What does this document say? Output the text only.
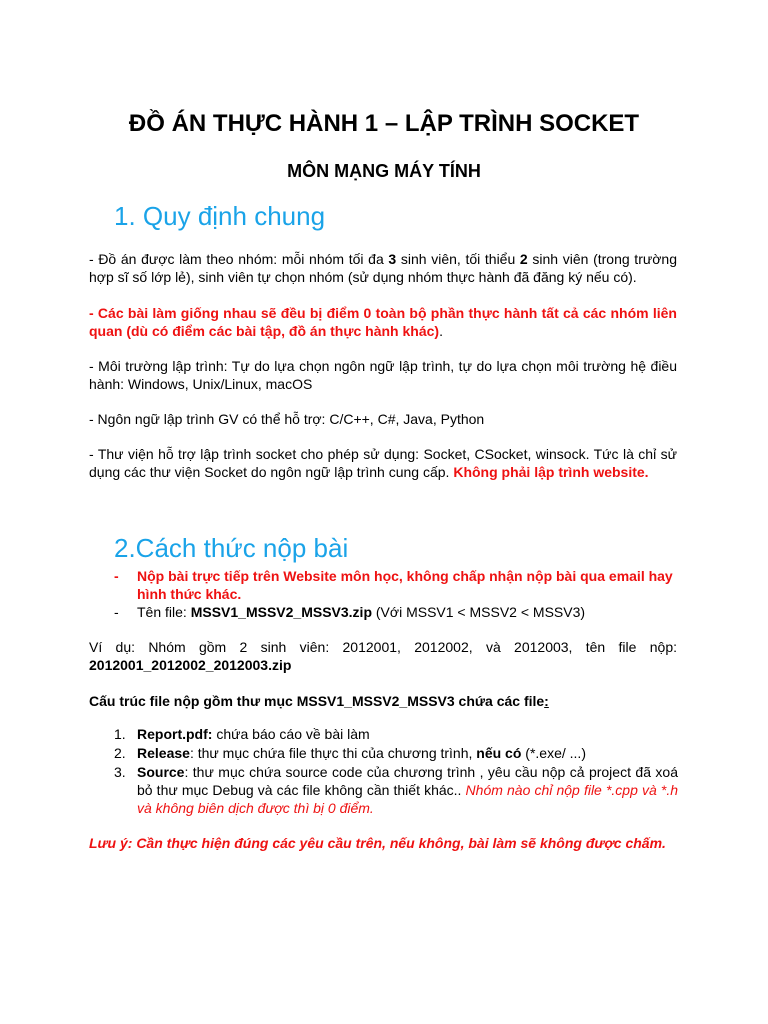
ĐỒ ÁN THỰC HÀNH 1 – LẬP TRÌNH SOCKET
MÔN MẠNG MÁY TÍNH
1. Quy định chung

- Đồ án được làm theo nhóm: mỗi nhóm tối đa 3 sinh viên, tối thiểu 2 sinh viên (trong trường hợp sĩ số lớp lẻ), sinh viên tự chọn nhóm (sử dụng nhóm thực hành đã đăng ký nếu có).

- Các bài làm giống nhau sẽ đều bị điểm 0 toàn bộ phần thực hành tất cả các nhóm liên quan (dù có điểm các bài tập, đồ án thực hành khác).

- Môi trường lập trình: Tự do lựa chọn ngôn ngữ lập trình, tự do lựa chọn môi trường hệ điều hành: Windows, Unix/Linux, macOS

- Ngôn ngữ lập trình GV có thể hỗ trợ: C/C++, C#, Java, Python

- Thư viện hỗ trợ lập trình socket cho phép sử dụng: Socket, CSocket, winsock. Tức là chỉ sử dụng các thư viện Socket do ngôn ngữ lập trình cung cấp. Không phải lập trình website.

2.Cách thức nộp bài
- Nộp bài trực tiếp trên Website môn học, không chấp nhận nộp bài qua email hay hình thức khác.
- Tên file: MSSV1_MSSV2_MSSV3.zip (Với MSSV1 < MSSV2 < MSSV3)

Ví dụ: Nhóm gồm 2 sinh viên: 2012001, 2012002, và 2012003, tên file nộp:

2012001_2012002_2012003.zip

Cấu trúc file nộp gồm thư mục MSSV1_MSSV2_MSSV3 chứa các file:

1. Report.pdf: chứa báo cáo về bài làm
2. Release: thư mục chứa file thực thi của chương trình, nếu có (*.exe/ ...)
3. Source: thư mục chứa source code của chương trình , yêu cầu nộp cả project đã xoá bỏ thư mục Debug và các file không cần thiết khác.. Nhóm nào chỉ nộp file *.cpp và *.h và không biên dịch được thì bị 0 điểm.

Lưu ý: Cần thực hiện đúng các yêu cầu trên, nếu không, bài làm sẽ không được chấm.
